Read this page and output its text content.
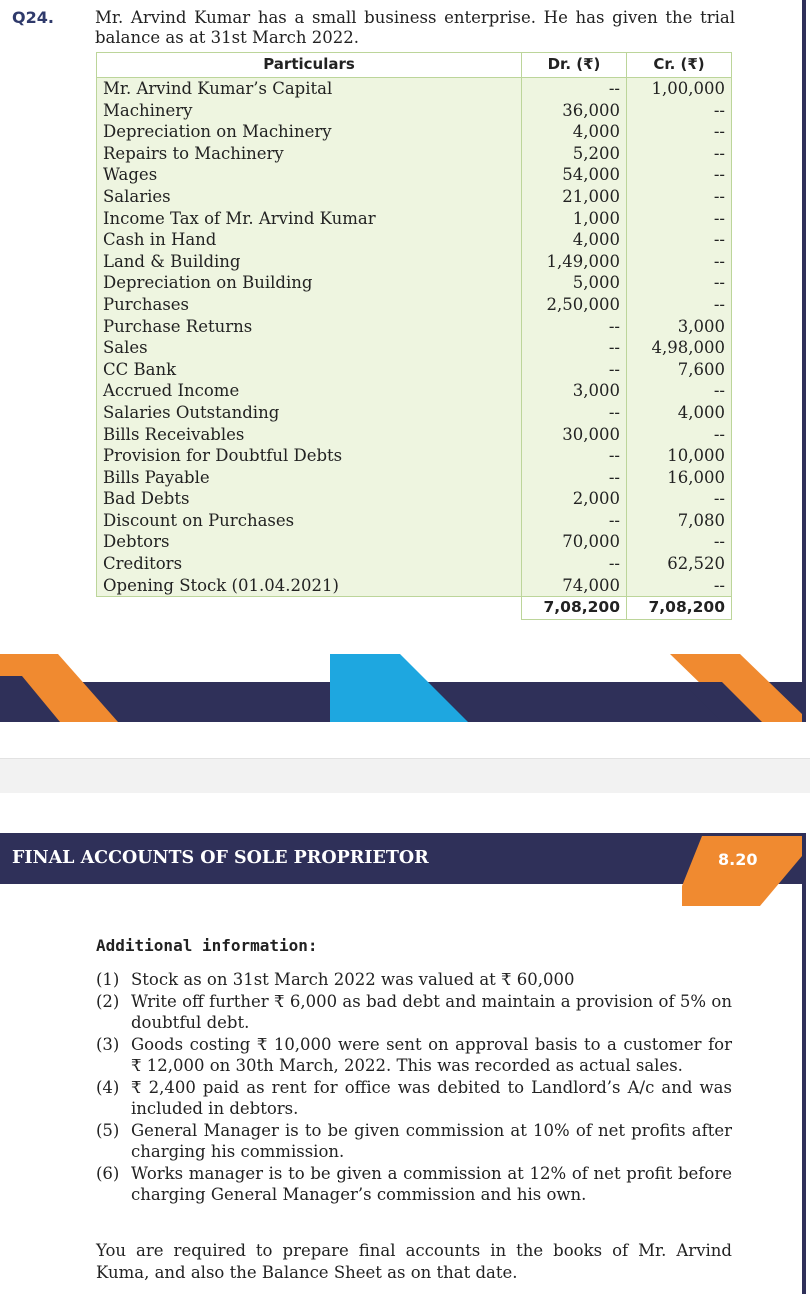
Q24. Mr. Arvind Kumar has a small business enterprise. He has given the trial balance as at 31st March 2022.
Particulars	Dr. (₹)	Cr. (₹)
Mr. Arvind Kumar’s Capital	--	1,00,000
Machinery	36,000	--
Depreciation on Machinery	4,000	--
Repairs to Machinery	5,200	--
Wages	54,000	--
Salaries	21,000	--
Income Tax of Mr. Arvind Kumar	1,000	--
Cash in Hand	4,000	--
Land & Building	1,49,000	--
Depreciation on Building	5,000	--
Purchases	2,50,000	--
Purchase Returns	--	3,000
Sales	--	4,98,000
CC Bank	--	7,600
Accrued Income	3,000	--
Salaries Outstanding	--	4,000
Bills Receivables	30,000	--
Provision for Doubtful Debts	--	10,000
Bills Payable	--	16,000
Bad Debts	2,000	--
Discount on Purchases	--	7,080
Debtors	70,000	--
Creditors	--	62,520
Opening Stock (01.04.2021)	74,000	--
	7,08,200	7,08,200
FINAL ACCOUNTS OF SOLE PROPRIETOR	8.20
Additional information:
(1) Stock as on 31st March 2022 was valued at ₹ 60,000
(2) Write off further ₹ 6,000 as bad debt and maintain a provision of 5% on doubtful debt.
(3) Goods costing ₹ 10,000 were sent on approval basis to a customer for ₹ 12,000 on 30th March, 2022. This was recorded as actual sales.
(4) ₹ 2,400 paid as rent for office was debited to Landlord’s A/c and was included in debtors.
(5) General Manager is to be given commission at 10% of net profits after charging his commission.
(6) Works manager is to be given a commission at 12% of net profit before charging General Manager’s commission and his own.
You are required to prepare final accounts in the books of Mr. Arvind Kuma, and also the Balance Sheet as on that date.
